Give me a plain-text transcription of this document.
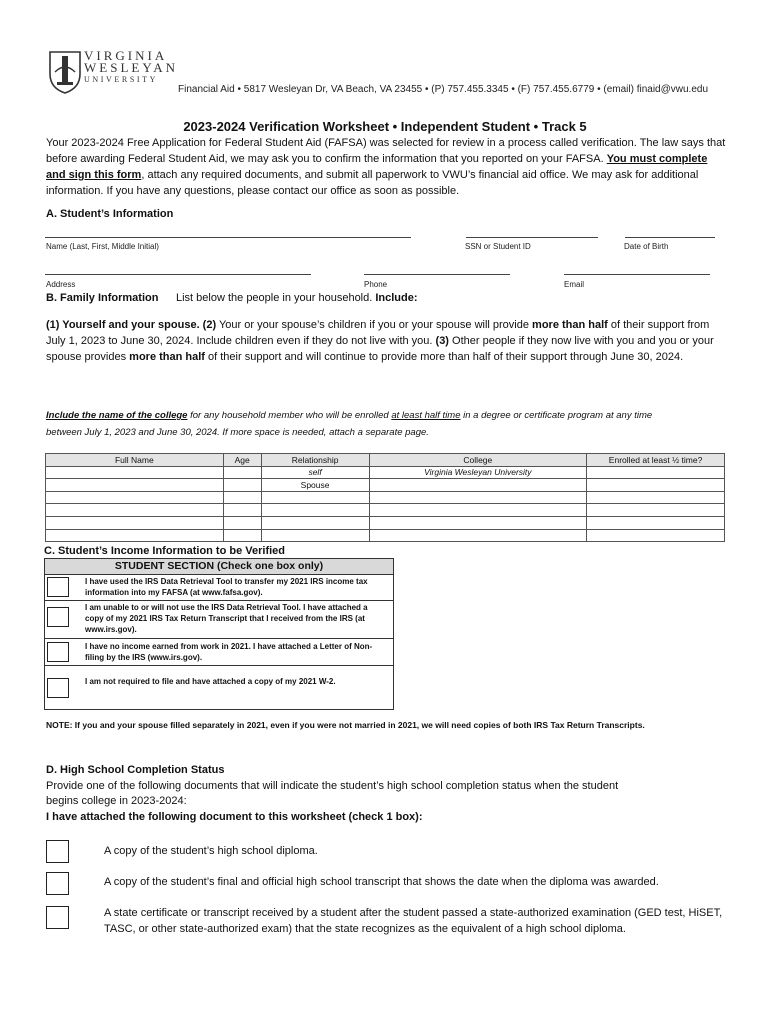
VIRGINIA
WESLEYAN
UNIVERSITY
Financial Aid • 5817 Wesleyan Dr, VA Beach, VA 23455 • (P) 757.455.3345 • (F) 757.455.6779 • (email) finaid@vwu.edu
2023-2024 Verification Worksheet • Independent Student • Track 5
Your 2023-2024 Free Application for Federal Student Aid (FAFSA) was selected for review in a process called verification. The law says that before awarding Federal Student Aid, we may ask you to confirm the information that you reported on your FAFSA. You must complete and sign this form, attach any required documents, and submit all paperwork to VWU’s financial aid office. We may ask for additional information. If you have any questions, please contact our office as soon as possible.
A. Student’s Information
Name (Last, First, Middle Initial)	SSN or Student ID	Date of Birth
Address	Phone	Email
B. Family Information List below the people in your household. Include:
(1) Yourself and your spouse. (2) Your or your spouse’s children if you or your spouse will provide more than half of their support from July 1, 2023 to June 30, 2024. Include children even if they do not live with you. (3) Other people if they now live with you and you or your spouse provides more than half of their support and will continue to provide more than half of their support through June 30, 2024.
Include the name of the college for any household member who will be enrolled at least half time in a degree or certificate program at any time between July 1, 2023 and June 30, 2024. If more space is needed, attach a separate page.
Full Name	Age	Relationship	College	Enrolled at least ½ time?
		self	Virginia Wesleyan University	
		Spouse		

C. Student’s Income Information to be Verified
STUDENT SECTION (Check one box only)
I have used the IRS Data Retrieval Tool to transfer my 2021 IRS income tax information into my FAFSA (at www.fafsa.gov).
I am unable to or will not use the IRS Data Retrieval Tool. I have attached a copy of my 2021 IRS Tax Return Transcript that I received from the IRS (at www.irs.gov).
I have no income earned from work in 2021. I have attached a Letter of Non-filing by the IRS (www.irs.gov).
I am not required to file and have attached a copy of my 2021 W-2.
NOTE: If you and your spouse filled separately in 2021, even if you were not married in 2021, we will need copies of both IRS Tax Return Transcripts.
D. High School Completion Status
Provide one of the following documents that will indicate the student’s high school completion status when the student begins college in 2023-2024:
I have attached the following document to this worksheet (check 1 box):
A copy of the student’s high school diploma.
A copy of the student’s final and official high school transcript that shows the date when the diploma was awarded.
A state certificate or transcript received by a student after the student passed a state-authorized examination (GED test, HiSET, TASC, or other state-authorized exam) that the state recognizes as the equivalent of a high school diploma.
